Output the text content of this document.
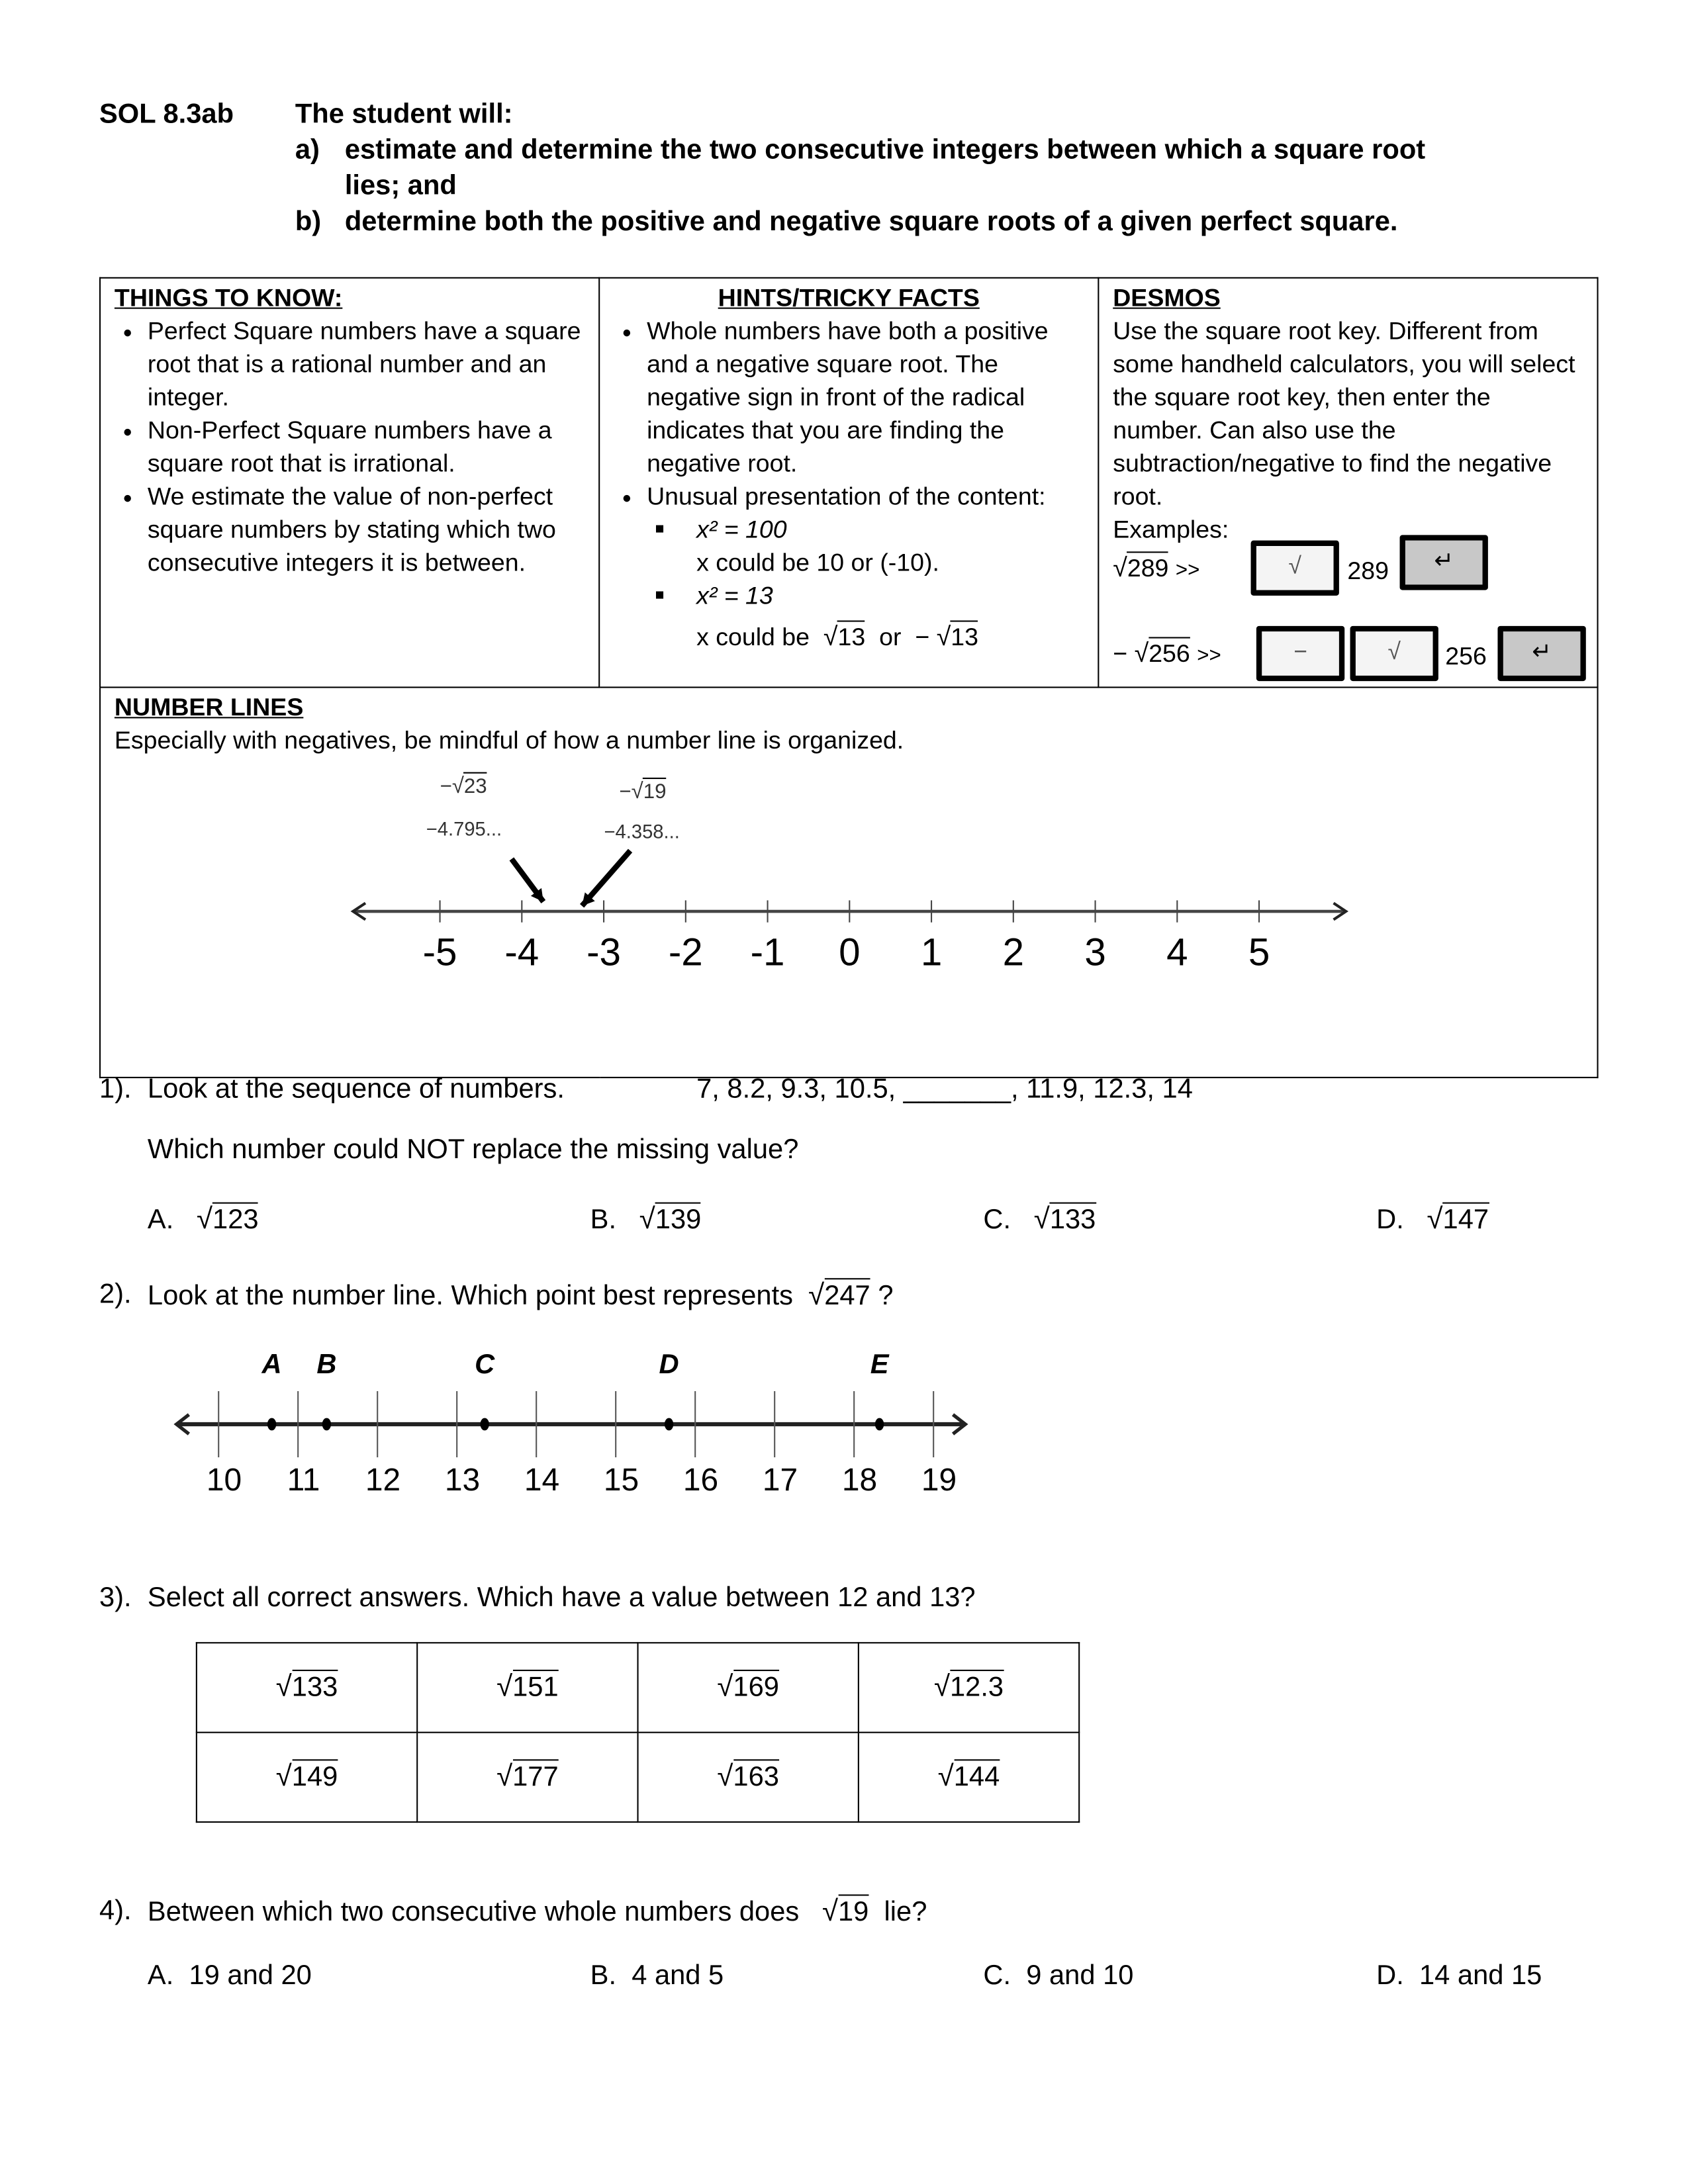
SOL 8.3ab	The student will:
a) estimate and determine the two consecutive integers between which a square root
lies; and
b) determine both the positive and negative square roots of a given perfect square.
THINGS TO KNOW:
• Perfect Square numbers have a square root that is a rational number and an integer.
• Non-Perfect Square numbers have a square root that is irrational.
• We estimate the value of non-perfect square numbers by stating which two consecutive integers it is between.

HINTS/TRICKY FACTS
• Whole numbers have both a positive and a negative square root. The negative sign in front of the radical indicates that you are finding the negative root.
• Unusual presentation of the content:
■	x² = 100
x could be 10 or (-10).
■	x² = 13
x could be √13 or − √13

DESMOS
Use the square root key. Different from some handheld calculators, you will select the square root key, then enter the number. Can also use the subtraction/negative to find the negative root.
Examples:
√289 >>	√	289	↵
− √256 >>	−	√	256	↵

NUMBER LINES
Especially with negatives, be mindful of how a number line is organized.
−√23
−4.795...
−√19
−4.358...
-5	-4	-3	-2	-1	0	1	2	3	4	5
1). Look at the sequence of numbers.	7, 8.2, 9.3, 10.5, _______, 11.9, 12.3, 14
Which number could NOT replace the missing value?
2). Look at the number line. Which point best represents √247 ?
10	11	12	13	14	15	16	17	18	19
A	B	C	D	E
3). Select all correct answers. Which have a value between 12 and 13?
√133	√151	√169	√12.3
√149	√177	√163	√144
4). Between which two consecutive whole numbers does √19 lie?
A. √123	B. √139	C. √133	D. √147
A. 19 and 20	B. 4 and 5	C. 9 and 10	D. 14 and 15
